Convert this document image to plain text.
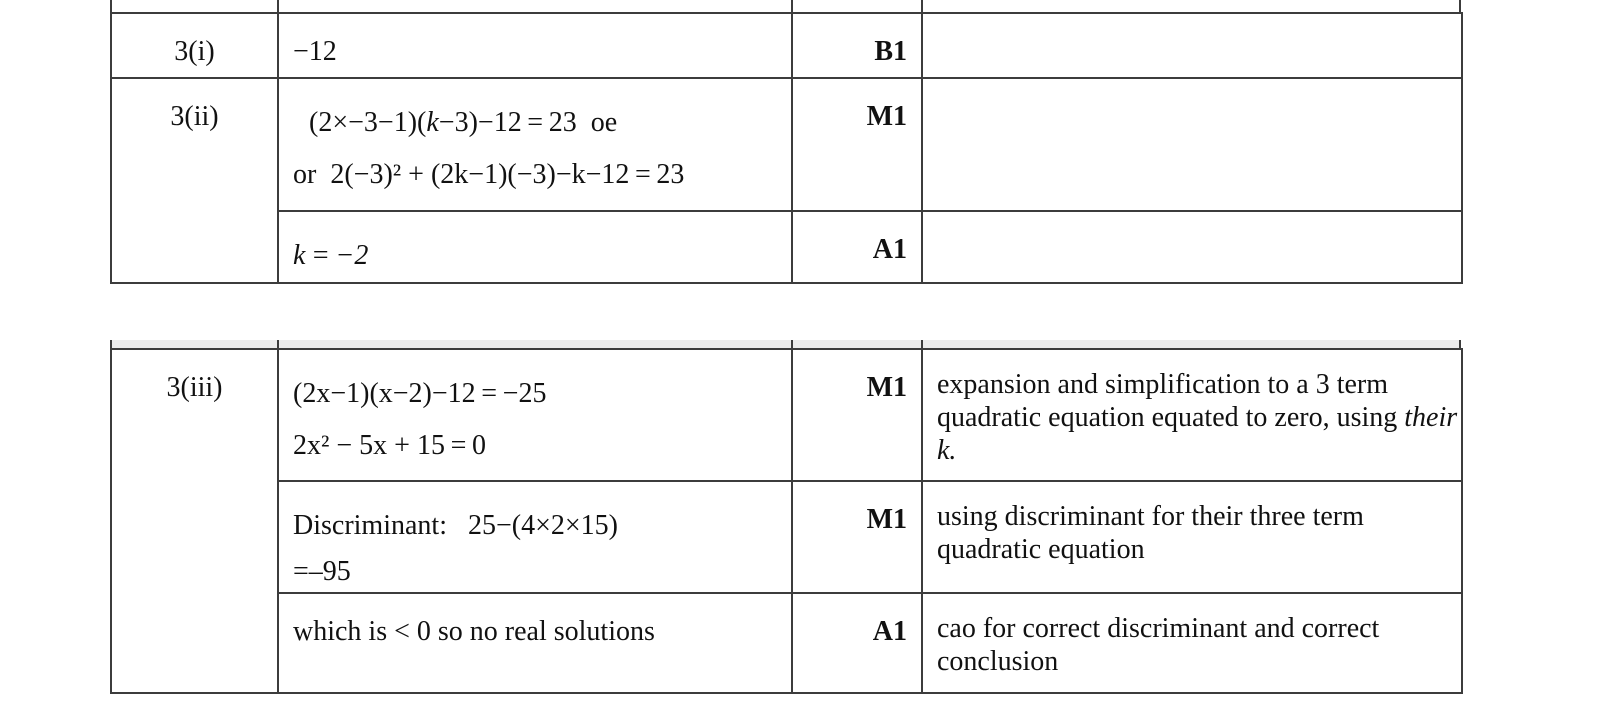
3(i)	−12	B1	
3(ii)	(2×−3−1)(k−3)−12 = 23 oe
or 2(−3)² + (2k−1)(−3)−k−12 = 23	M1	
	k = −2	A1	
3(iii)	(2x−1)(x−2)−12 = −25
2x² − 5x + 15 = 0	M1	expansion and simplification to a 3 term quadratic equation equated to zero, using their k.

	Discriminant:  25−(4×2×15)
=–95	M1	using discriminant for their three term quadratic equation
	which is < 0 so no real solutions	A1	cao for correct discriminant and correct conclusion
